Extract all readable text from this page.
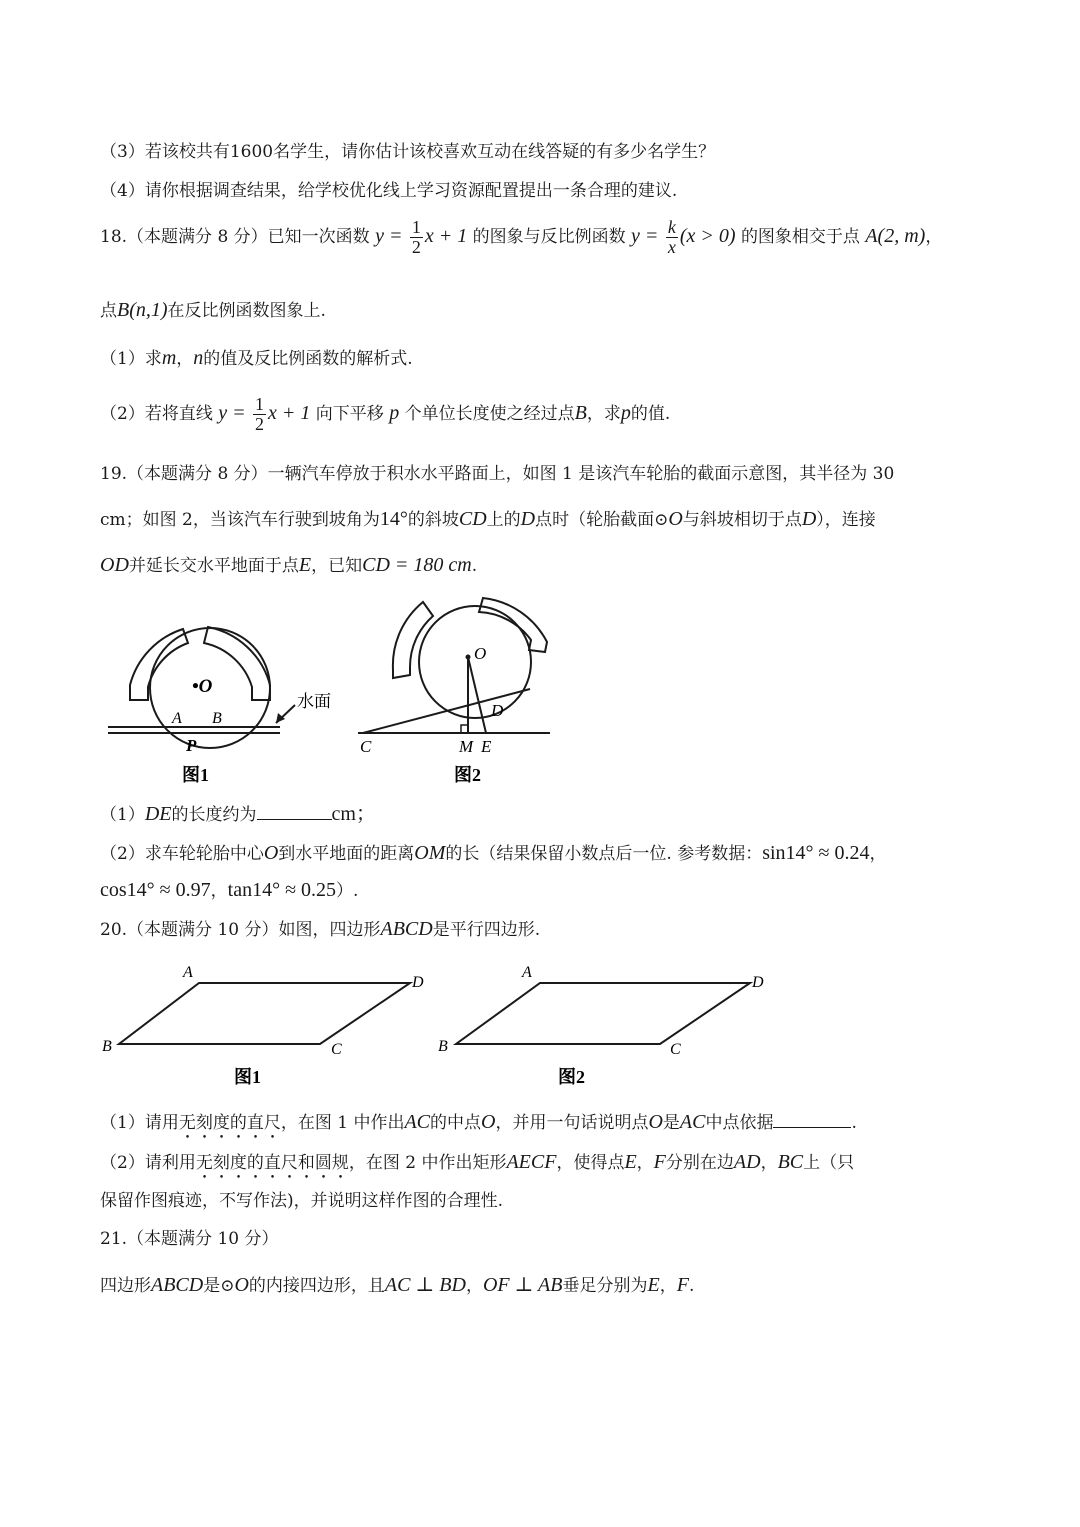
（3）若该校共有1600名学生，请你估计该校喜欢互动在线答疑的有多少名学生？
（4）请你根据调查结果，给学校优化线上学习资源配置提出一条合理的建议.
18.（本题满分 8 分）已知一次函数 $y = \frac{1}{2}$ x + 1 的图象与反比例函数 $y = \frac{k}{x} (x > 0)$ 的图象相交于点 A(2, m)，
点B(n,1)在反比例函数图象上.
（1）求m，n的值及反比例函数的解析式.
（2）若将直线 $y = \frac{1}{2}$ x + 1 向下平移 p 个单位长度使之经过点B，求p的值.
19.（本题满分 8 分）一辆汽车停放于积水水平路面上，如图 1 是该汽车轮胎的截面示意图，其半径为 30
cm；如图 2，当该汽车行驶到坡角为14°的斜坡CD上的D点时（轮胎截面⊙O与斜坡相切于点D），连接
OD并延长交水平地面于点E，已知CD = 180 cm.
•O
A B
P
水面
图1
O
D
C	M E
图2
（1）DE的长度约为	cm；
（2）求车轮轮胎中心O到水平地面的距离OM的长（结果保留小数点后一位. 参考数据：sin14° ≈ 0.24，
cos14° ≈ 0.97，tan14° ≈ 0.25）.
20.（本题满分 10 分）如图，四边形ABCD是平行四边形.
A
D
B	C
图1
A
D
B	C
图2
（1）请用无刻度的直尺，在图 1 中作出AC的中点O，并用一句话说明点O是AC中点依据	.
（2）请利用无刻度的直尺和圆规，在图 2 中作出矩形AECF，使得点E，F分别在边AD，BC上（只
保留作图痕迹，不写作法)，并说明这样作图的合理性.
21.（本题满分 10 分）
四边形ABCD是⊙O的内接四边形，且AC ⊥ BD，OF ⊥ AB垂足分别为E，F.
